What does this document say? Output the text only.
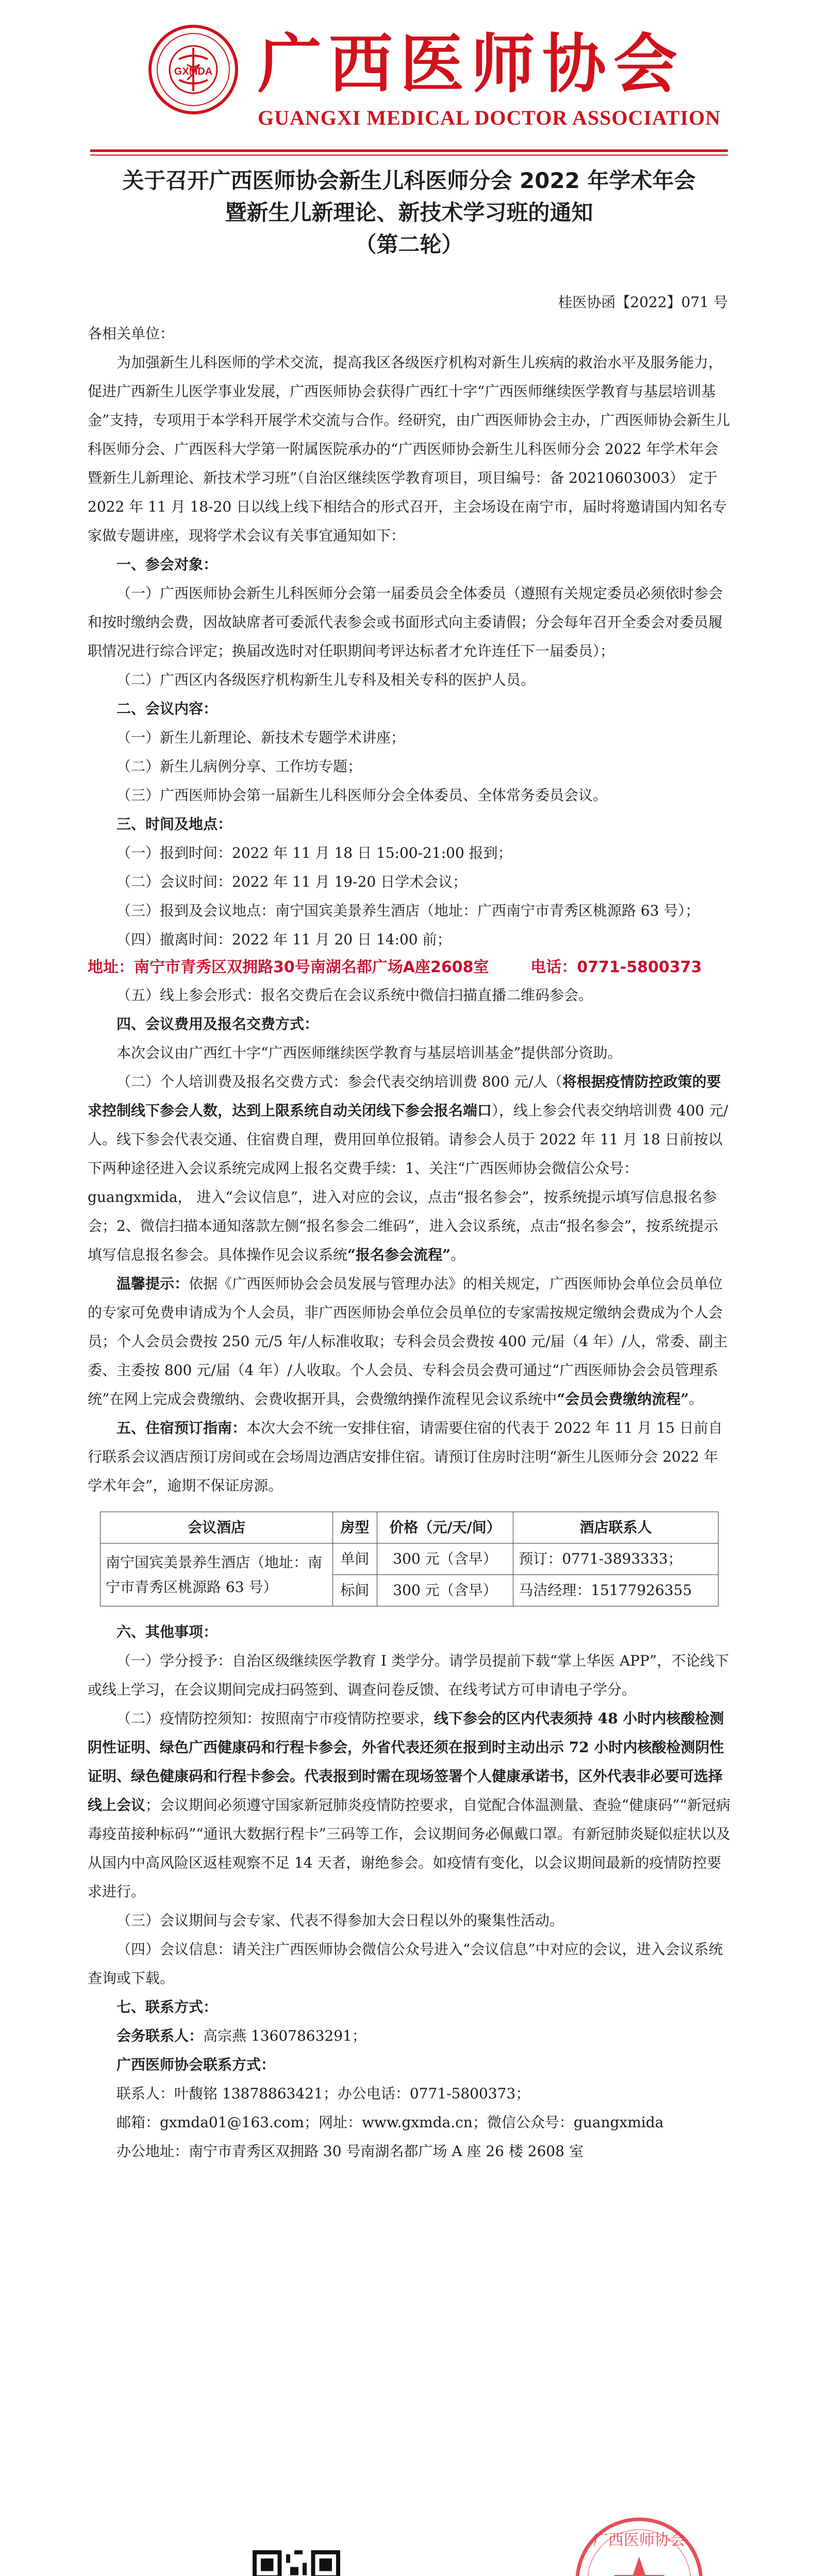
GXMDA 广西医师协会
GUANGXI MEDICAL DOCTOR ASSOCIATION
关于召开广西医师协会新生儿科医师分会 2022 年学术年会
暨新生儿新理论、新技术学习班的通知
（第二轮）
桂医协函【2022】071 号

各相关单位：

为加强新生儿科医师的学术交流，提高我区各级医疗机构对新生儿疾病的救治水平及服务能力，促进广西新生儿医学事业发展，广西医师协会获得广西红十字“广西医师继续医学教育与基层培训基金”支持，专项用于本学科开展学术交流与合作。经研究，由广西医师协会主办，广西医师协会新生儿科医师分会、广西医科大学第一附属医院承办的“广西医师协会新生儿科医师分会 2022 年学术年会暨新生儿新理论、新技术学习班”（自治区继续医学教育项目，项目编号：备 20210603003） 定于 2022 年 11 月 18-20 日以线上线下相结合的形式召开，主会场设在南宁市，届时将邀请国内知名专家做专题讲座，现将学术会议有关事宜通知如下：

一、参会对象：

（一）广西医师协会新生儿科医师分会第一届委员会全体委员（遵照有关规定委员必须依时参会和按时缴纳会费，因故缺席者可委派代表参会或书面形式向主委请假；分会每年召开全委会对委员履职情况进行综合评定；换届改选时对任职期间考评达标者才允许连任下一届委员）；

（二）广西区内各级医疗机构新生儿专科及相关专科的医护人员。

二、会议内容：

（一）新生儿新理论、新技术专题学术讲座；

（二）新生儿病例分享、工作坊专题；

（三）广西医师协会第一届新生儿科医师分会全体委员、全体常务委员会议。

三、时间及地点：

（一）报到时间：2022 年 11 月 18 日 15:00-21:00 报到；

（二）会议时间：2022 年 11 月 19-20 日学术会议；

（三）报到及会议地点：南宁国宾美景养生酒店（地址：广西南宁市青秀区桃源路 63 号）；

（四）撤离时间：2022 年 11 月 20 日 14:00 前；

地址：南宁市青秀区双拥路30号南湖名都广场A座2608室	电话：0771-5800373

（五）线上参会形式：报名交费后在会议系统中微信扫描直播二维码参会。

四、会议费用及报名交费方式：

本次会议由广西红十字“广西医师继续医学教育与基层培训基金”提供部分资助。

（二）个人培训费及报名交费方式：参会代表交纳培训费 800 元/人（将根据疫情防控政策的要求控制线下参会人数，达到上限系统自动关闭线下参会报名端口），线上参会代表交纳培训费 400 元/人。线下参会代表交通、住宿费自理，费用回单位报销。请参会人员于 2022 年 11 月 18 日前按以下两种途径进入会议系统完成网上报名交费手续：1、关注“广西医师协会微信公众号：guangxmida， 进入“会议信息”，进入对应的会议，点击“报名参会”，按系统提示填写信息报名参会；2、微信扫描本通知落款左侧“报名参会二维码”，进入会议系统，点击“报名参会”，按系统提示填写信息报名参会。具体操作见会议系统“报名参会流程”。

温馨提示：依据《广西医师协会会员发展与管理办法》的相关规定，广西医师协会单位会员单位的专家可免费申请成为个人会员，非广西医师协会单位会员单位的专家需按规定缴纳会费成为个人会员；个人会员会费按 250 元/5 年/人标准收取；专科会员会费按 400 元/届（4 年）/人，常委、副主委、主委按 800 元/届（4 年）/人收取。个人会员、专科会员会费可通过“广西医师协会会员管理系统”在网上完成会费缴纳、会费收据开具，会费缴纳操作流程见会议系统中“会员会费缴纳流程”。

五、住宿预订指南：本次大会不统一安排住宿，请需要住宿的代表于 2022 年 11 月 15 日前自行联系会议酒店预订房间或在会场周边酒店安排住宿。请预订住房时注明“新生儿医师分会 2022 年学术年会”，逾期不保证房源。

会议酒店	房型	价格（元/天/间）	酒店联系人
南宁国宾美景养生酒店（地址：南宁市青秀区桃源路 63 号）	单间	300 元（含早）	预订：0771-3893333；
	标间	300 元（含早）	马洁经理：15177926355

六、其他事项：

（一）学分授予：自治区级继续医学教育 I 类学分。请学员提前下载“掌上华医 APP”，不论线下或线上学习，在会议期间完成扫码签到、调查问卷反馈、在线考试方可申请电子学分。

（二）疫情防控须知：按照南宁市疫情防控要求，线下参会的区内代表须持 48 小时内核酸检测阴性证明、绿色广西健康码和行程卡参会，外省代表还须在报到时主动出示 72 小时内核酸检测阴性证明、绿色健康码和行程卡参会。代表报到时需在现场签署个人健康承诺书，区外代表非必要可选择线上会议；会议期间必须遵守国家新冠肺炎疫情防控要求，自觉配合体温测量、查验“健康码”“新冠病毒疫苗接种标码”“通讯大数据行程卡”三码等工作，会议期间务必佩戴口罩。有新冠肺炎疑似症状以及从国内中高风险区返桂观察不足 14 天者，谢绝参会。如疫情有变化，以会议期间最新的疫情防控要求进行。

（三）会议期间与会专家、代表不得参加大会日程以外的聚集性活动。

（四）会议信息：请关注广西医师协会微信公众号进入“会议信息”中对应的会议，进入会议系统查询或下载。

七、联系方式：

会务联系人：高宗燕 13607863291；

广西医师协会联系方式：

联系人：叶馥铭 13878863421；办公电话：0771-5800373；

邮箱：gxmda01@163.com；网址：www.gxmda.cn；微信公众号：guangxmida

办公地址：南宁市青秀区双拥路 30 号南湖名都广场 A 座 26 楼 2608 室

广西医师协会
